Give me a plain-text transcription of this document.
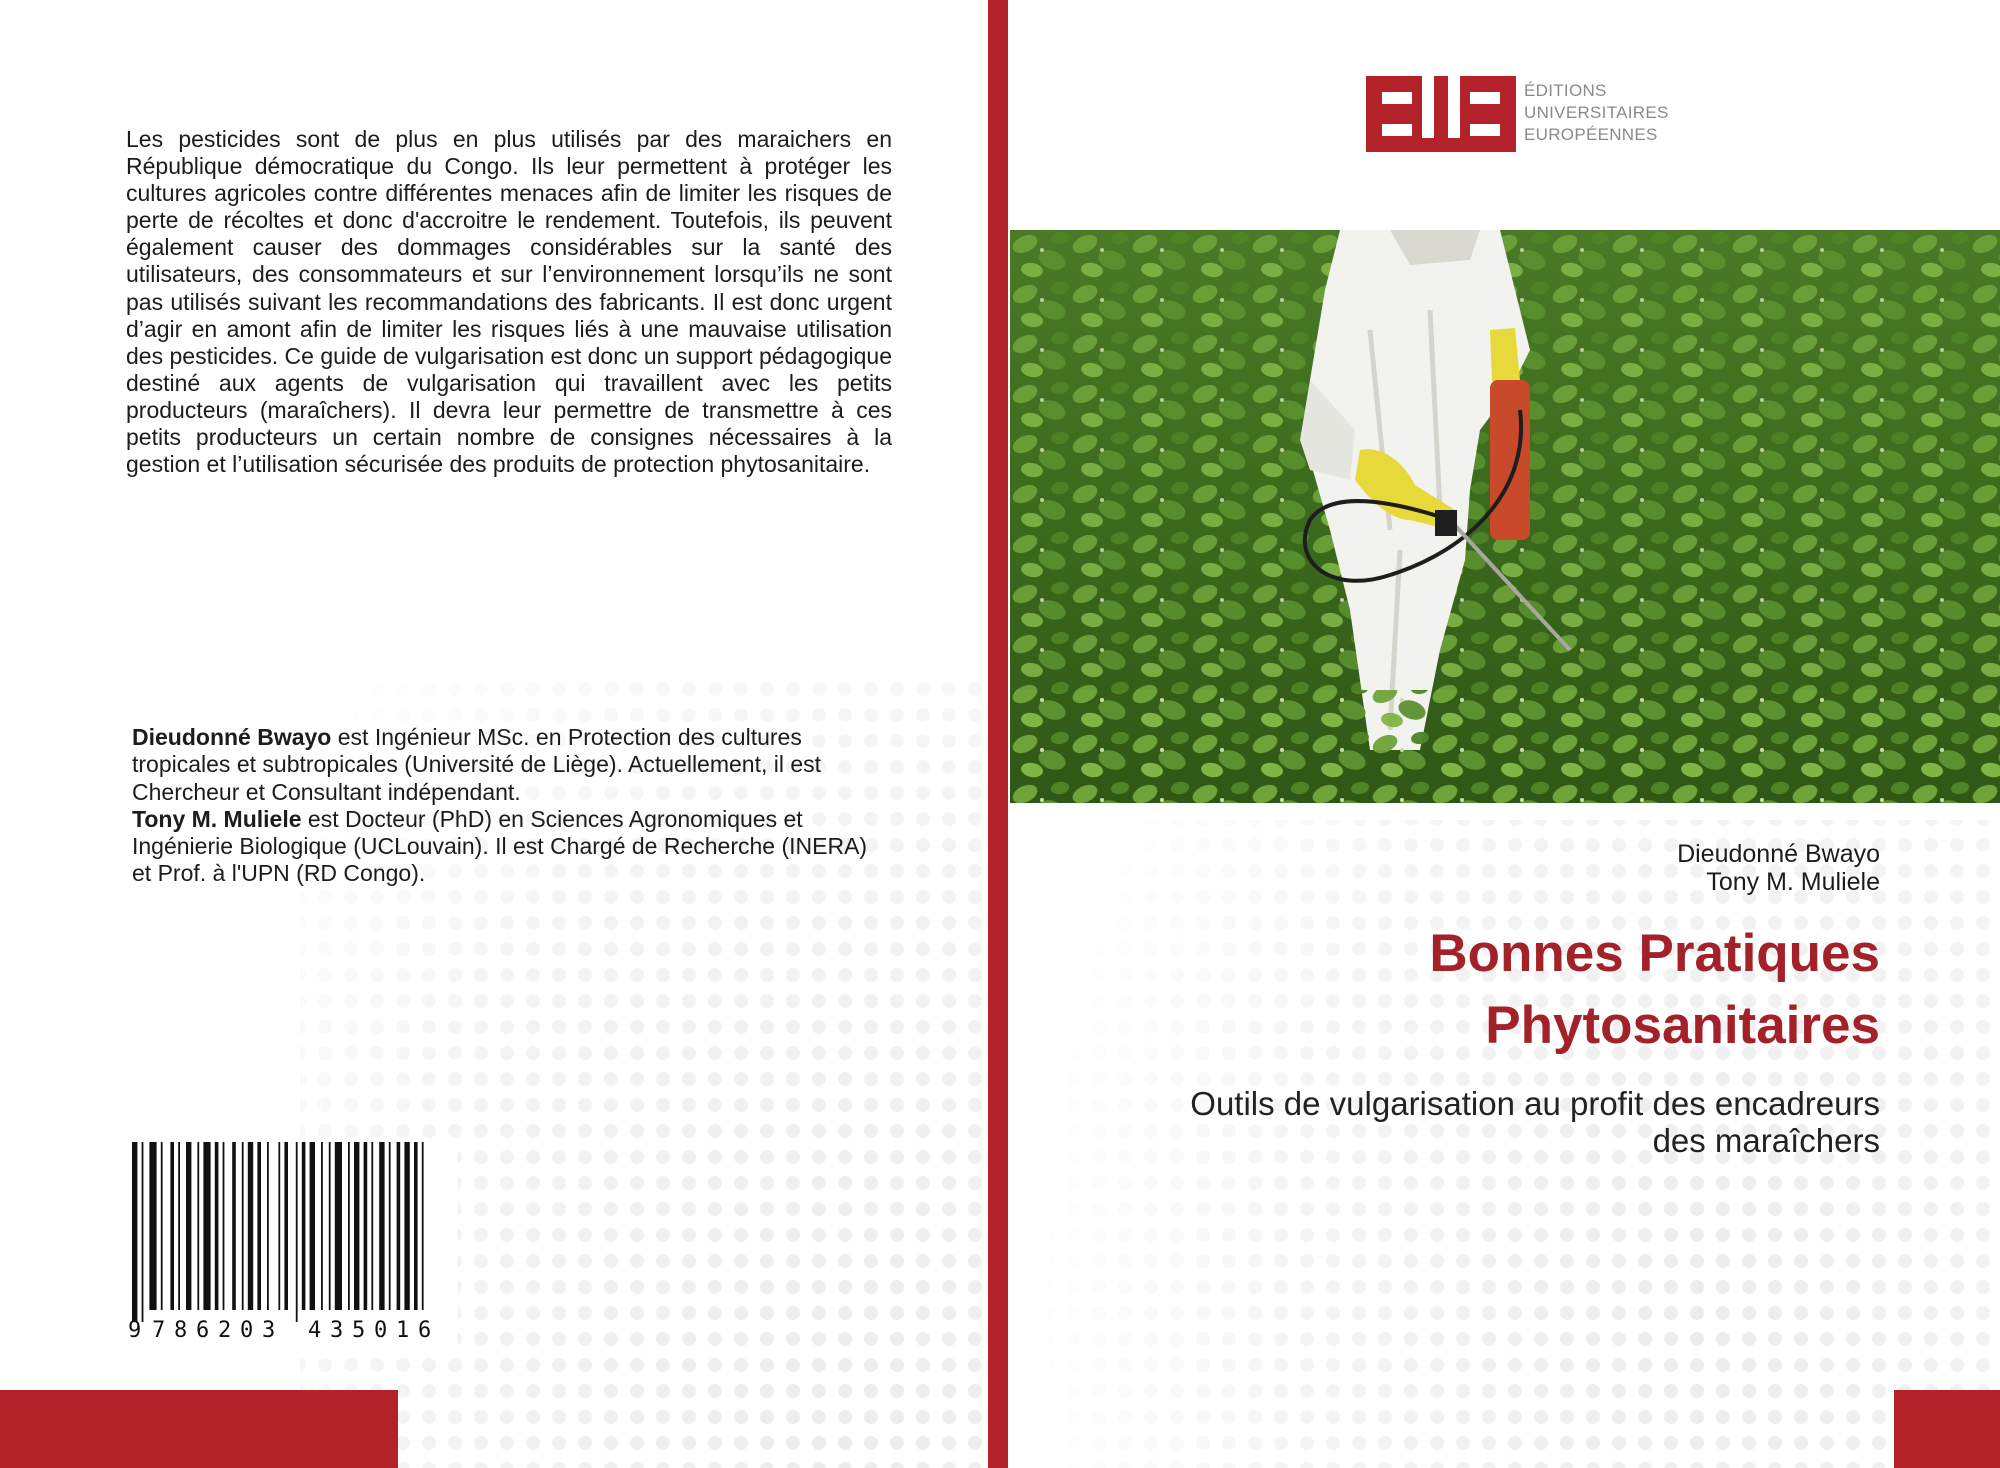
Les pesticides sont de plus en plus utilisés par des maraichers en République démocratique du Congo. Ils leur permettent à protéger les cultures agricoles contre différentes menaces afin de limiter les risques de perte de récoltes et donc d'accroitre le rendement. Toutefois, ils peuvent également causer des dommages considérables sur la santé des utilisateurs, des consommateurs et sur l’environnement lorsqu’ils ne sont pas utilisés suivant les recommandations des fabricants. Il est donc urgent d’agir en amont afin de limiter les risques liés à une mauvaise utilisation des pesticides. Ce guide de vulgarisation est donc un support pédagogique destiné aux agents de vulgarisation qui travaillent avec les petits producteurs (maraîchers). Il devra leur permettre de transmettre à ces petits producteurs un certain nombre de consignes nécessaires à la gestion et l’utilisation sécurisée des produits de protection phytosanitaire.
Dieudonné Bwayo est Ingénieur MSc. en Protection des cultures tropicales et subtropicales (Université de Liège). Actuellement, il est Chercheur et Consultant indépendant.
Tony M. Muliele est Docteur (PhD) en Sciences Agronomiques et Ingénierie Biologique (UCLouvain). Il est Chargé de Recherche (INERA) et Prof. à l'UPN (RD Congo).
9 7 8 6 2 0 3 4 3 5 0 1 6
ÉDITIONS
UNIVERSITAIRES
EUROPÉENNES
Dieudonné Bwayo
Tony M. Muliele
Bonnes Pratiques
Phytosanitaires
Outils de vulgarisation au profit des encadreurs
des maraîchers
